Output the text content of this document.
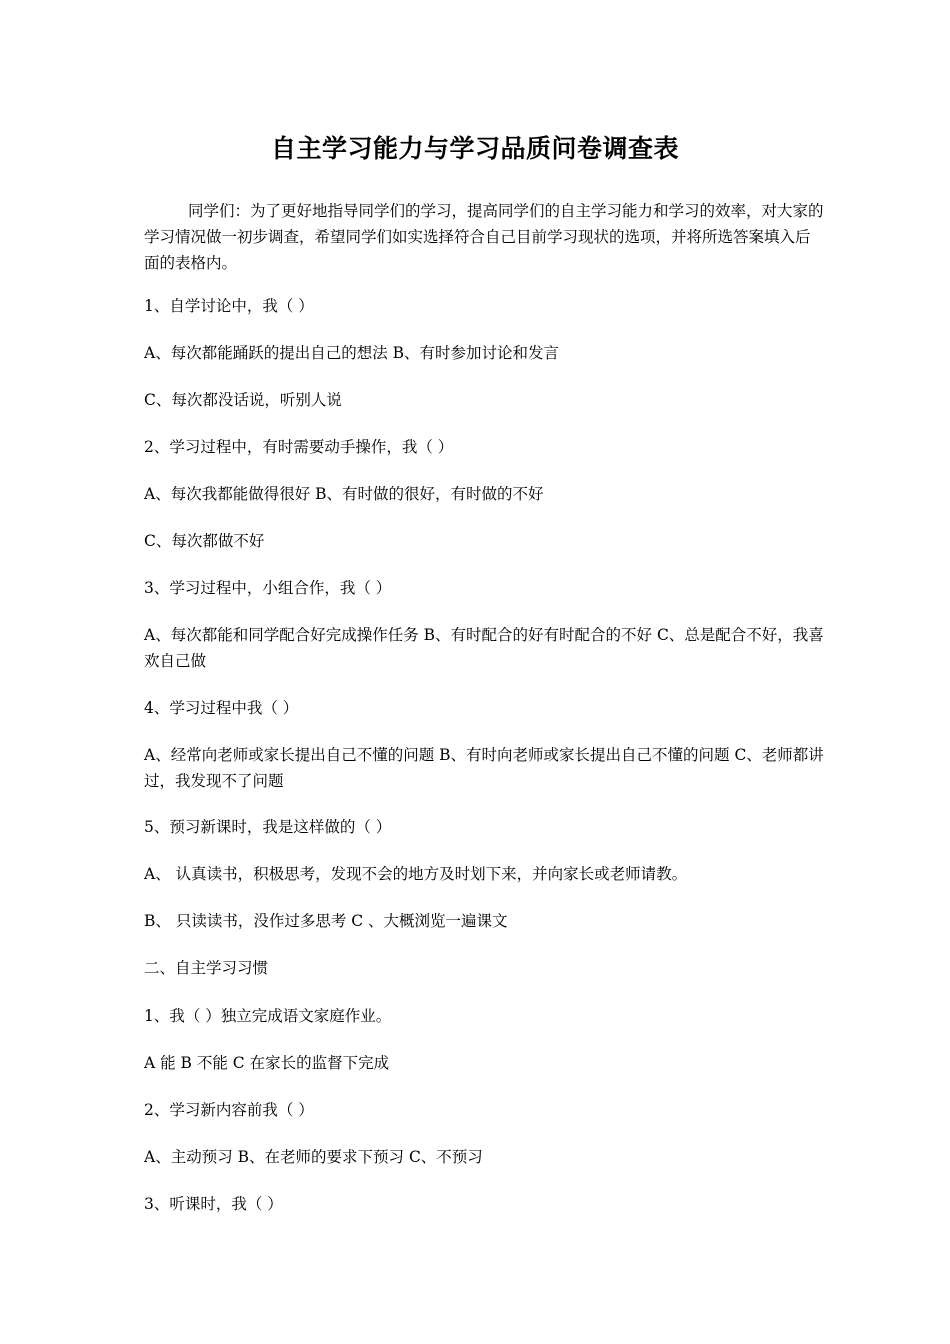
自主学习能力与学习品质问卷调查表

同学们：为了更好地指导同学们的学习，提高同学们的自主学习能力和学习的效率，对大家的学习情况做一初步调查，希望同学们如实选择符合自己目前学习现状的选项，并将所选答案填入后面的表格内。

1、自学讨论中，我（ ）

A、每次都能踊跃的提出自己的想法 B、有时参加讨论和发言

C、每次都没话说，听别人说

2、学习过程中，有时需要动手操作，我（ ）

A、每次我都能做得很好 B、有时做的很好，有时做的不好

C、每次都做不好

3、学习过程中，小组合作，我（ ）

A、每次都能和同学配合好完成操作任务 B、有时配合的好有时配合的不好 C、总是配合不好，我喜欢自己做

4、学习过程中我（ ）

A、经常向老师或家长提出自己不懂的问题 B、有时向老师或家长提出自己不懂的问题 C、老师都讲过，我发现不了问题

5、预习新课时，我是这样做的（ ）

A、 认真读书，积极思考，发现不会的地方及时划下来，并向家长或老师请教。

B、 只读读书，没作过多思考 C 、大概浏览一遍课文

二、自主学习习惯

1、我（ ）独立完成语文家庭作业。

A 能 B 不能 C 在家长的监督下完成

2、学习新内容前我（ ）

A、主动预习 B、在老师的要求下预习 C、不预习

3、听课时，我（ ）
